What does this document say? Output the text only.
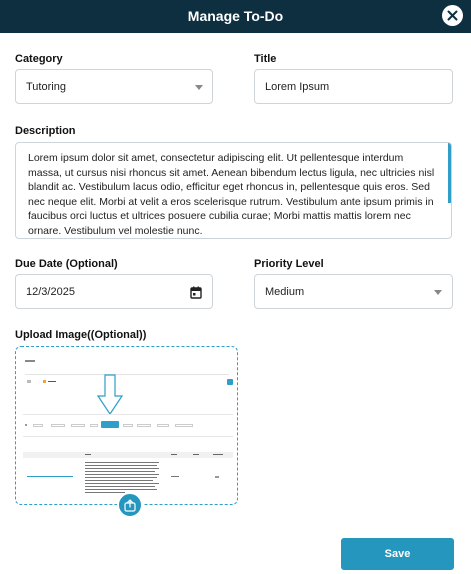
Manage To-Do
Category
Tutoring
Title
Lorem Ipsum
Description
Lorem ipsum dolor sit amet, consectetur adipiscing elit. Ut pellentesque interdum massa, ut cursus nisi rhoncus sit amet. Aenean bibendum lectus ligula, nec ultricies nisl blandit ac. Vestibulum lacus odio, efficitur eget rhoncus in, pellentesque quis eros. Sed nec neque elit. Morbi at velit a eros scelerisque rutrum. Vestibulum ante ipsum primis in faucibus orci luctus et ultrices posuere cubilia curae; Morbi mattis mattis lorem nec ornare. Vestibulum vel molestie nunc.
Due Date (Optional)
12/3/2025
Priority Level
Medium
Upload Image((Optional))
Save
